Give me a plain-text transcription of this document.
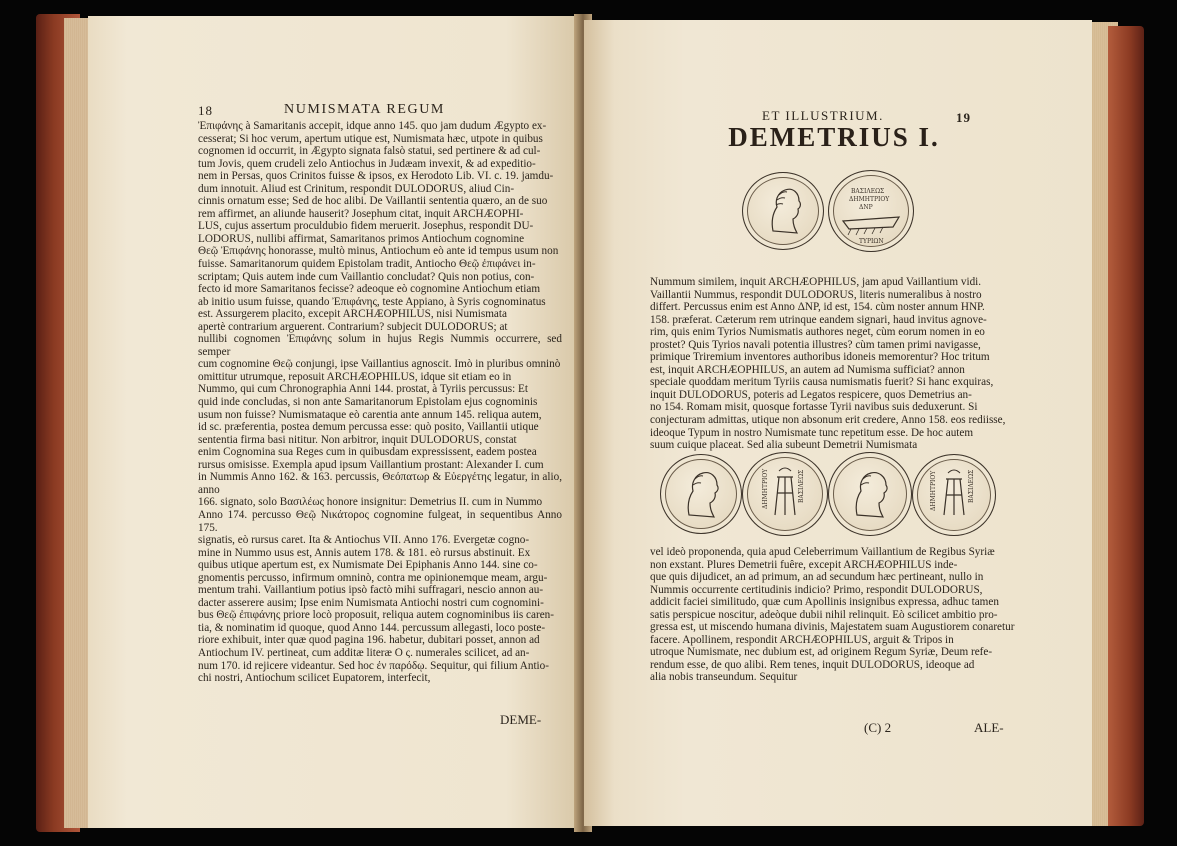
18	NUMISMATA REGUM

Ἐπιφάνης à Samaritanis accepit, idque anno 145. quo jam dudum Ægypto ex-

cesserat; Si hoc verum, apertum utique est, Numismata hæc, utpote in quibus

cognomen id occurrit, in Ægypto signata falsò statui, sed pertinere & ad cul-

tum Jovis, quem crudeli zelo Antiochus in Judæam invexit, & ad expeditio-

nem in Persas, quos Crinitos fuisse & ipsos, ex Herodoto Lib. VI. c. 19. jamdu-

dum innotuit. Aliud est Crinitum, respondit DULODORUS, aliud Cin-

cinnis ornatum esse; Sed de hoc alibi. De Vaillantii sententia quæro, an de suo

rem affirmet, an aliunde hauserit? Josephum citat, inquit ARCHÆOPHI-

LUS, cujus assertum proculdubio fidem meruerit. Josephus, respondit DU-

LODORUS, nullibi affirmat, Samaritanos primos Antiochum cognomine

Θεῷ Ἐπιφάνης honorasse, multò minus, Antiochum eò ante id tempus usum non

fuisse. Samaritanorum quidem Epistolam tradit, Antiocho Θεῷ ἐπιφάνει in-

scriptam; Quis autem inde cum Vaillantio concludat? Quis non potius, con-

fecto id more Samaritanos fecisse? adeoque eò cognomine Antiochum etiam

ab initio usum fuisse, quando Ἐπιφάνης, teste Appiano, à Syris cognominatus

est. Assurgerem placito, excepit ARCHÆOPHILUS, nisi Numismata

apertè contrarium arguerent. Contrarium? subjecit DULODORUS; at

nullibi cognomen Ἐπιφάνης solum in hujus Regis Nummis occurrere, sed semper

cum cognomine Θεῷ conjungi, ipse Vaillantius agnoscit. Imò in pluribus omninò

omittitur utrumque, reposuit ARCHÆOPHILUS, idque sit etiam eo in

Nummo, qui cum Chronographia Anni 144. prostat, à Tyriis percussus: Et

quid inde concludas, si non ante Samaritanorum Epistolam ejus cognominis

usum non fuisse? Numismataque eò carentia ante annum 145. reliqua autem,

id sc. præferentia, postea demum percussa esse: quò posito, Vaillantii utique

sententia firma basi nititur. Non arbitror, inquit DULODORUS, constat

enim Cognomina sua Reges cum in quibusdam expressissent, eadem postea

rursus omisisse. Exempla apud ipsum Vaillantium prostant: Alexander I. cum

in Nummis Anno 162. & 163. percussis, Θεόπατωρ & Εὐεργέτης legatur, in alio, anno

166. signato, solo Βασιλέως honore insignitur: Demetrius II. cum in Nummo

Anno 174. percusso Θεῷ Νικάτορος cognomine fulgeat, in sequentibus Anno 175.

signatis, eò rursus caret. Ita & Antiochus VII. Anno 176. Evergetæ cogno-

mine in Nummo usus est, Annis autem 178. & 181. eò rursus abstinuit. Ex

quibus utique apertum est, ex Numismate Dei Epiphanis Anno 144. sine co-

gnomentis percusso, infirmum omninò, contra me opinionemque meam, argu-

mentum trahi. Vaillantium potius ipsò factò mihi suffragari, nescio annon au-

dacter asserere ausim; Ipse enim Numismata Antiochi nostri cum cognomini-

bus Θεῷ ἐπιφάνης priore locò proposuit, reliqua autem cognominibus iis caren-

tia, & nominatim id quoque, quod Anno 144. percussum allegasti, loco poste-

riore exhibuit, inter quæ quod pagina 196. habetur, dubitari posset, annon ad

Antiochum IV. pertineat, cum additæ literæ Ο ς. numerales scilicet, ad an-

num 170. id rejicere videantur. Sed hoc ἐν παρόδῳ. Sequitur, qui filium Antio-

chi nostri, Antiochum scilicet Eupatorem, interfecit,

DEME-
ET ILLUSTRIUM.	19
DEMETRIUS I.
ΒΑΣΙΛΕΩΣ
ΔΗΜΗΤΡΙΟΥ
ΔΝΡ
ΤΥΡΙΩΝ

Nummum similem, inquit ARCHÆOPHILUS, jam apud Vaillantium vidi.

Vaillantii Nummus, respondit DULODORUS, literis numeralibus à nostro

differt. Percussus enim est Anno ΔΝΡ, id est, 154. cùm noster annum ΗΝΡ.

158. præferat. Cæterum rem utrinque eandem signari, haud invitus agnove-

rim, quis enim Tyrios Numismatis authores neget, cùm eorum nomen in eo

prostet? Quis Tyrios navali potentia illustres? cùm tamen primi navigasse,

primique Triremium inventores authoribus idoneis memorentur? Hoc tritum

est, inquit ARCHÆOPHILUS, an autem ad Numisma sufficiat? annon

speciale quoddam meritum Tyriis causa numismatis fuerit? Si hanc exquiras,

inquit DULODORUS, poteris ad Legatos respicere, quos Demetrius an-

no 154. Romam misit, quosque fortasse Tyrii navibus suis deduxerunt. Si

conjecturam admittas, utique non absonum erit credere, Anno 158. eos rediisse,

ideoque Typum in nostro Numismate tunc repetitum esse. De hoc autem

suum cuique placeat. Sed alia subeunt Demetrii Numismata

ΒΑΣΙΛΕΩΣ
ΔΗΜΗΤΡΙΟΥ	ΒΑΣΙΛΕΩΣ
ΔΗΜΗΤΡΙΟΥ

vel ideò proponenda, quia apud Celeberrimum Vaillantium de Regibus Syriæ

non exstant. Plures Demetrii fuêre, excepit ARCHÆOPHILUS inde-

que quis dijudicet, an ad primum, an ad secundum hæc pertineant, nullo in

Nummis occurrente certitudinis indicio? Primo, respondit DULODORUS,

addicit faciei similitudo, quæ cum Apollinis insignibus expressa, adhuc tamen

satis perspicue noscitur, adeòque dubii nihil relinquit. Eò scilicet ambitio pro-

gressa est, ut miscendo humana divinis, Majestatem suam Augustiorem conaretur

facere. Apollinem, respondit ARCHÆOPHILUS, arguit & Tripos in

utroque Numismate, nec dubium est, ad originem Regum Syriæ, Deum refe-

rendum esse, de quo alibi. Rem tenes, inquit DULODORUS, ideoque ad

alia nobis transeundum. Sequitur

(C) 2	ALE-
